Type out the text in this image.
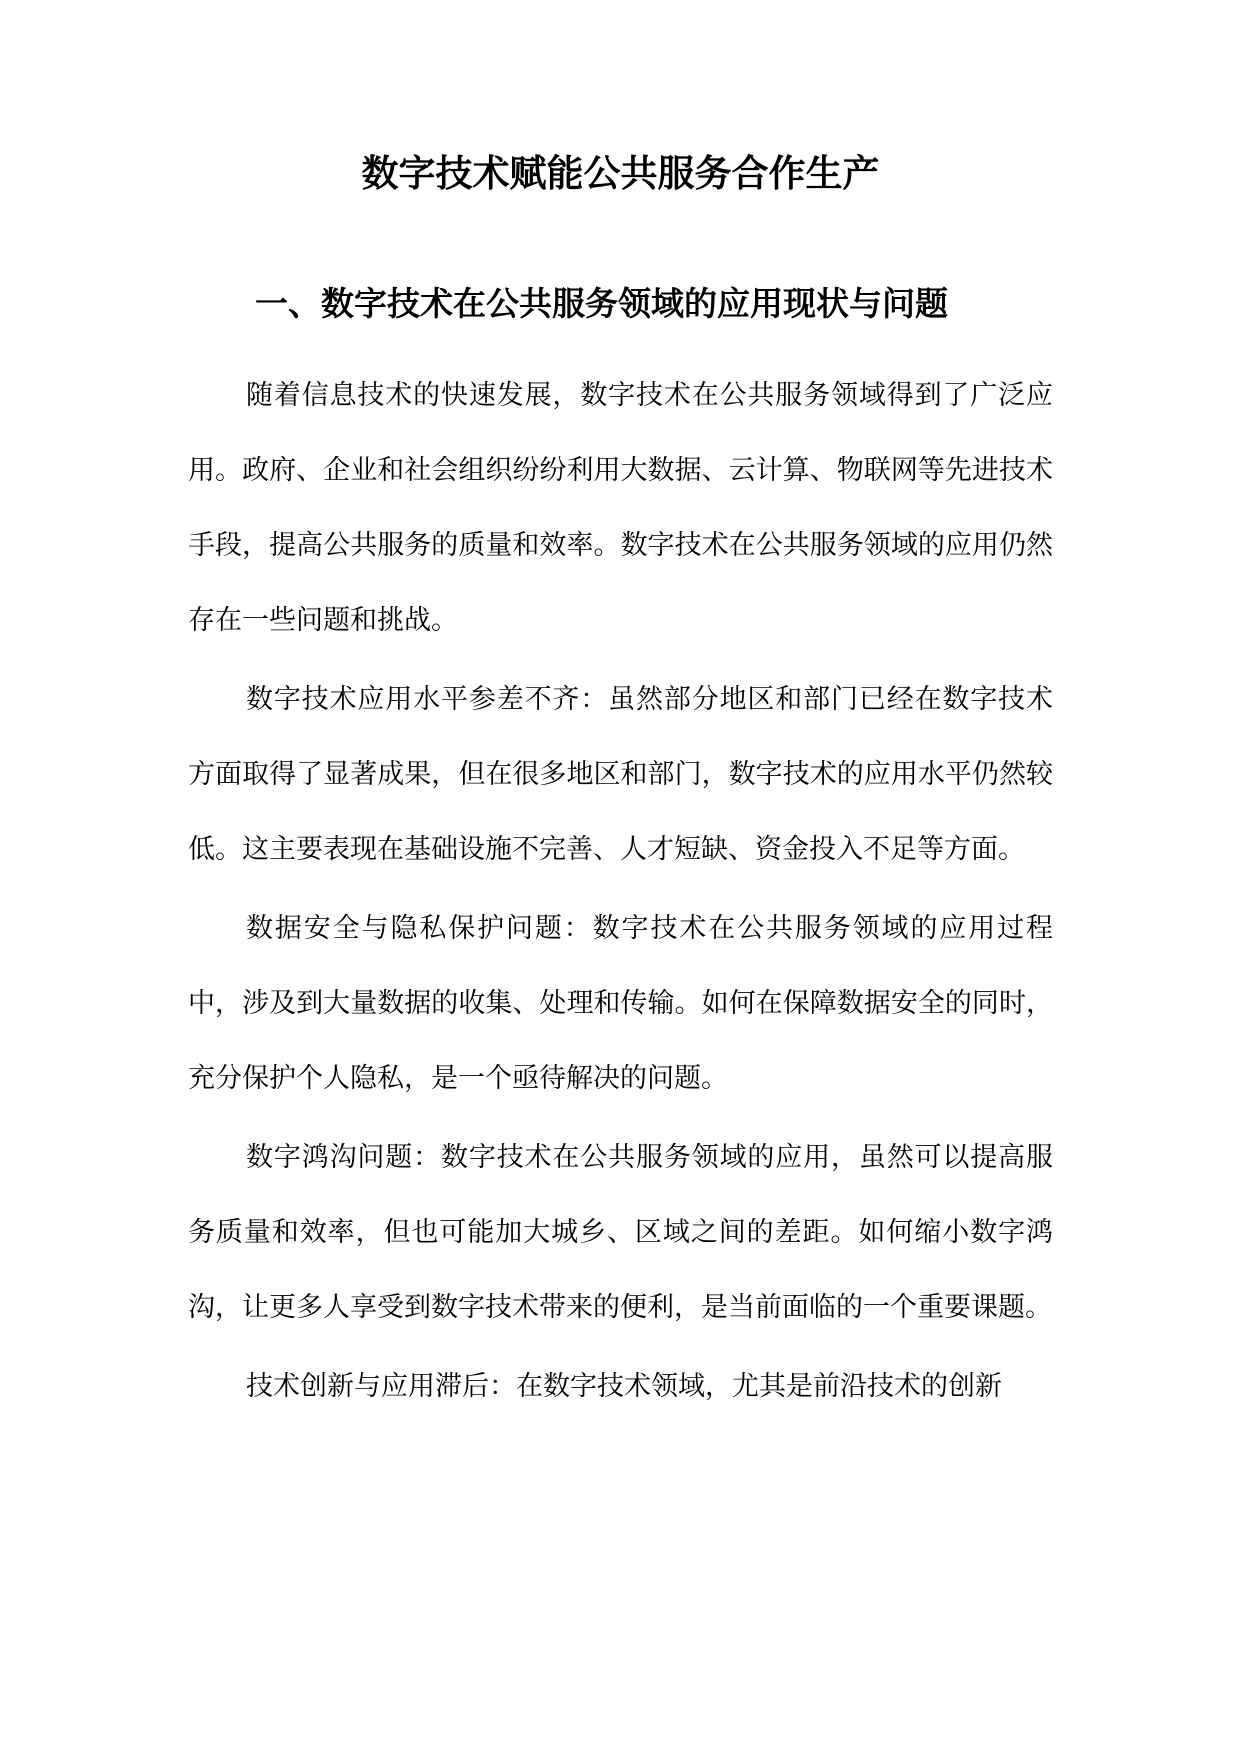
数字技术赋能公共服务合作生产
一、数字技术在公共服务领域的应用现状与问题

随着信息技术的快速发展，数字技术在公共服务领域得到了广泛应用。政府、企业和社会组织纷纷利用大数据、云计算、物联网等先进技术手段，提高公共服务的质量和效率。数字技术在公共服务领域的应用仍然存在一些问题和挑战。

数字技术应用水平参差不齐：虽然部分地区和部门已经在数字技术方面取得了显著成果，但在很多地区和部门，数字技术的应用水平仍然较低。这主要表现在基础设施不完善、人才短缺、资金投入不足等方面。

数据安全与隐私保护问题：数字技术在公共服务领域的应用过程中，涉及到大量数据的收集、处理和传输。如何在保障数据安全的同时，充分保护个人隐私，是一个亟待解决的问题。

数字鸿沟问题：数字技术在公共服务领域的应用，虽然可以提高服务质量和效率，但也可能加大城乡、区域之间的差距。如何缩小数字鸿沟，让更多人享受到数字技术带来的便利，是当前面临的一个重要课题。

技术创新与应用滞后：在数字技术领域，尤其是前沿技术的创新
